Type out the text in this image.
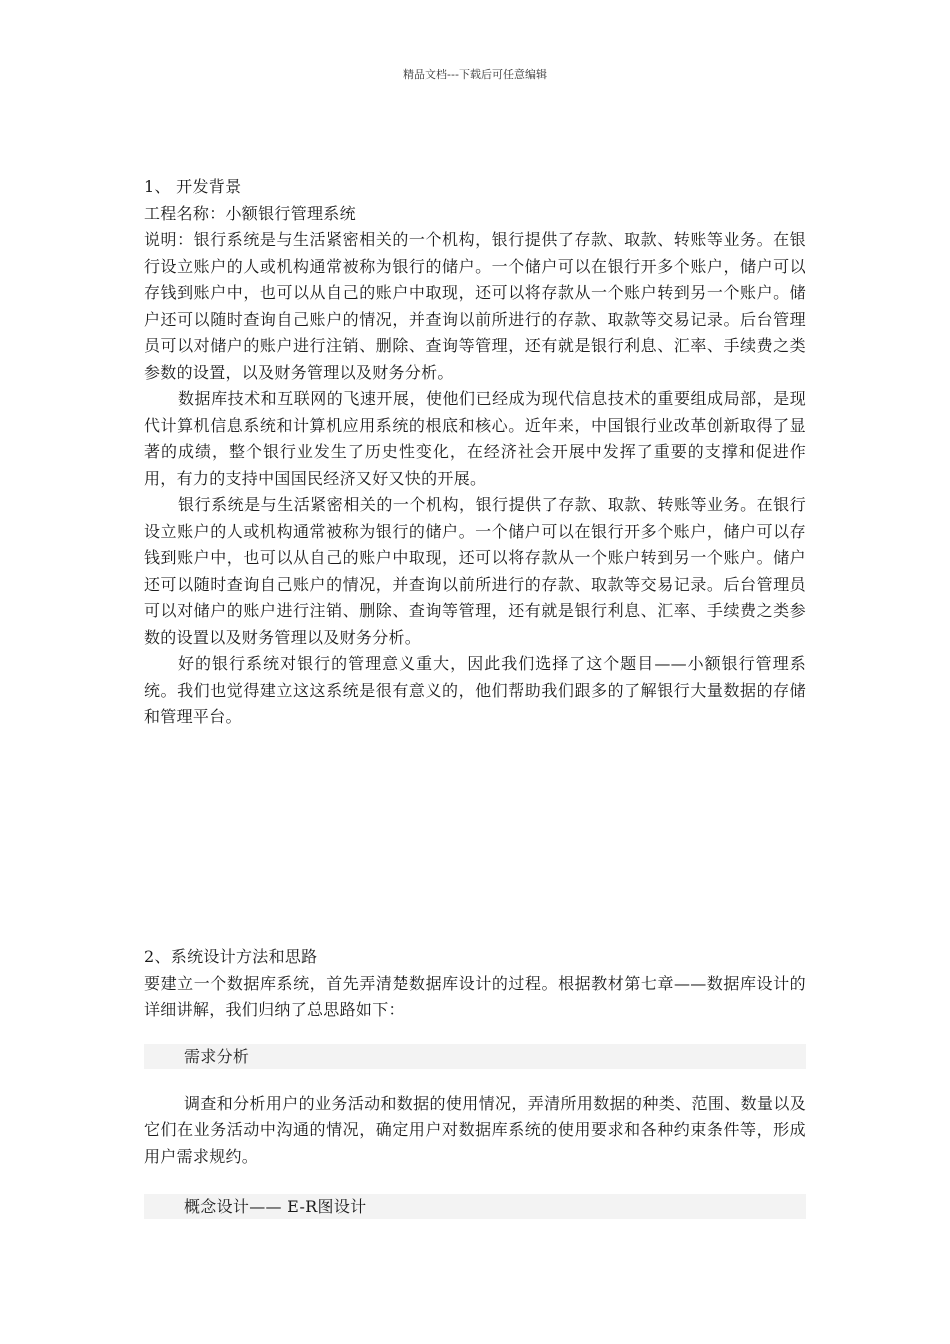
精品文档---下载后可任意编辑

1、 开发背景

工程名称：小额银行管理系统

说明：银行系统是与生活紧密相关的一个机构，银行提供了存款、取款、转账等业务。在银行设立账户的人或机构通常被称为银行的储户。一个储户可以在银行开多个账户，储户可以存钱到账户中，也可以从自己的账户中取现，还可以将存款从一个账户转到另一个账户。储户还可以随时查询自己账户的情况，并查询以前所进行的存款、取款等交易记录。后台管理员可以对储户的账户进行注销、删除、查询等管理，还有就是银行利息、汇率、手续费之类参数的设置，以及财务管理以及财务分析。

数据库技术和互联网的飞速开展，使他们已经成为现代信息技术的重要组成局部，是现代计算机信息系统和计算机应用系统的根底和核心。近年来，中国银行业改革创新取得了显著的成绩，整个银行业发生了历史性变化，在经济社会开展中发挥了重要的支撑和促进作用，有力的支持中国国民经济又好又快的开展。

银行系统是与生活紧密相关的一个机构，银行提供了存款、取款、转账等业务。在银行设立账户的人或机构通常被称为银行的储户。一个储户可以在银行开多个账户，储户可以存钱到账户中，也可以从自己的账户中取现，还可以将存款从一个账户转到另一个账户。储户还可以随时查询自己账户的情况，并查询以前所进行的存款、取款等交易记录。后台管理员可以对储户的账户进行注销、删除、查询等管理，还有就是银行利息、汇率、手续费之类参数的设置以及财务管理以及财务分析。

好的银行系统对银行的管理意义重大，因此我们选择了这个题目——小额银行管理系统。我们也觉得建立这这系统是很有意义的，他们帮助我们跟多的了解银行大量数据的存储和管理平台。

2、系统设计方法和思路

要建立一个数据库系统，首先弄清楚数据库设计的过程。根据教材第七章——数据库设计的详细讲解，我们归纳了总思路如下：

需求分析

调查和分析用户的业务活动和数据的使用情况，弄清所用数据的种类、范围、数量以及它们在业务活动中沟通的情况，确定用户对数据库系统的使用要求和各种约束条件等，形成用户需求规约。

概念设计—— E-R图设计
